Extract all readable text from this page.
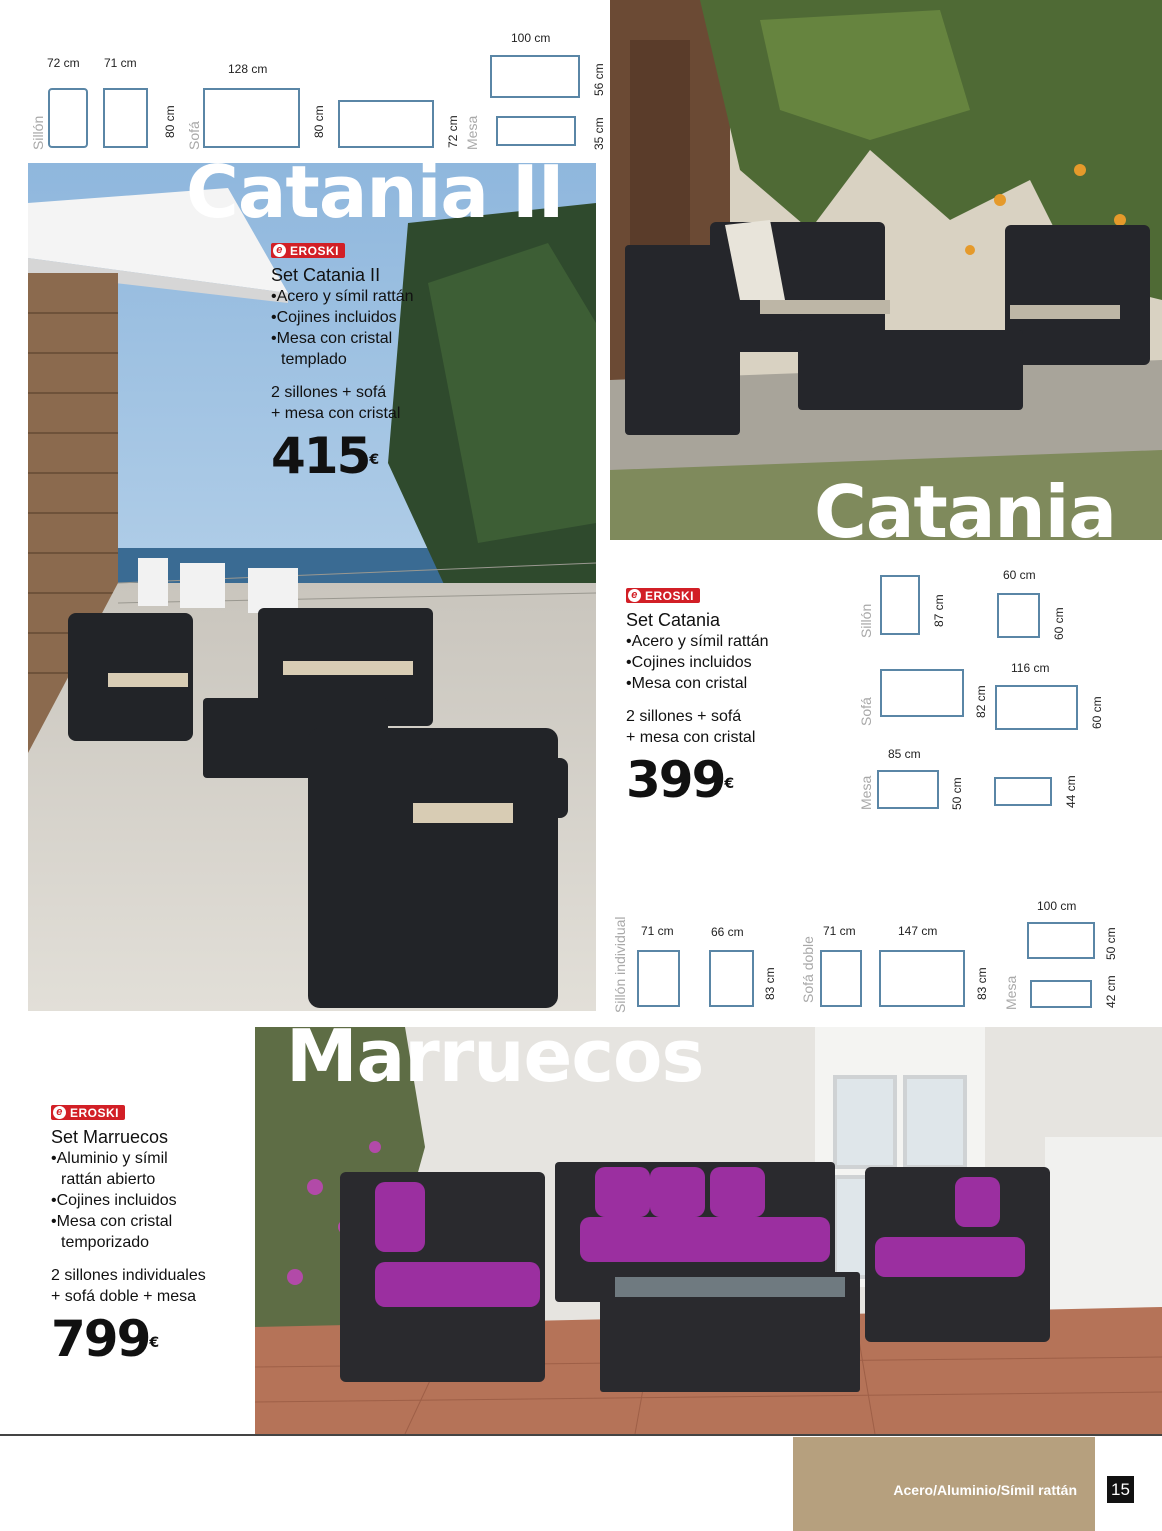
Sillón
72 cm 71 cm
80 cm Sofá
128 cm
80 cm	72 cm Mesa
100 cm
56 cm
35 cm
Catania II
e EROSKI
Set Catania II
•Acero y símil rattán
•Cojines incluidos
•Mesa con cristal
templado
2 sillones + sofá
+ mesa con cristal
415€
Catania
e EROSKI
Set Catania
•Acero y símil rattán
•Cojines incluidos
•Mesa con cristal
2 sillones + sofá
+ mesa con cristal
399€
Sillón	87 cm
60 cm
60 cm
Sofá	82 cm
116 cm
60 cm
Mesa
85 cm
50 cm	44 cm
Sillón individual 71 cm	66 cm
83 cm Sofá doble
71 cm	147 cm
83 cm Mesa
100 cm
50 cm
42 cm
Marruecos
e EROSKI
Set Marruecos
•Aluminio y símil
rattán abierto
•Cojines incluidos
•Mesa con cristal
temporizado
2 sillones individuales
+ sofá doble + mesa
799€
Acero/Aluminio/Símil rattán 15
